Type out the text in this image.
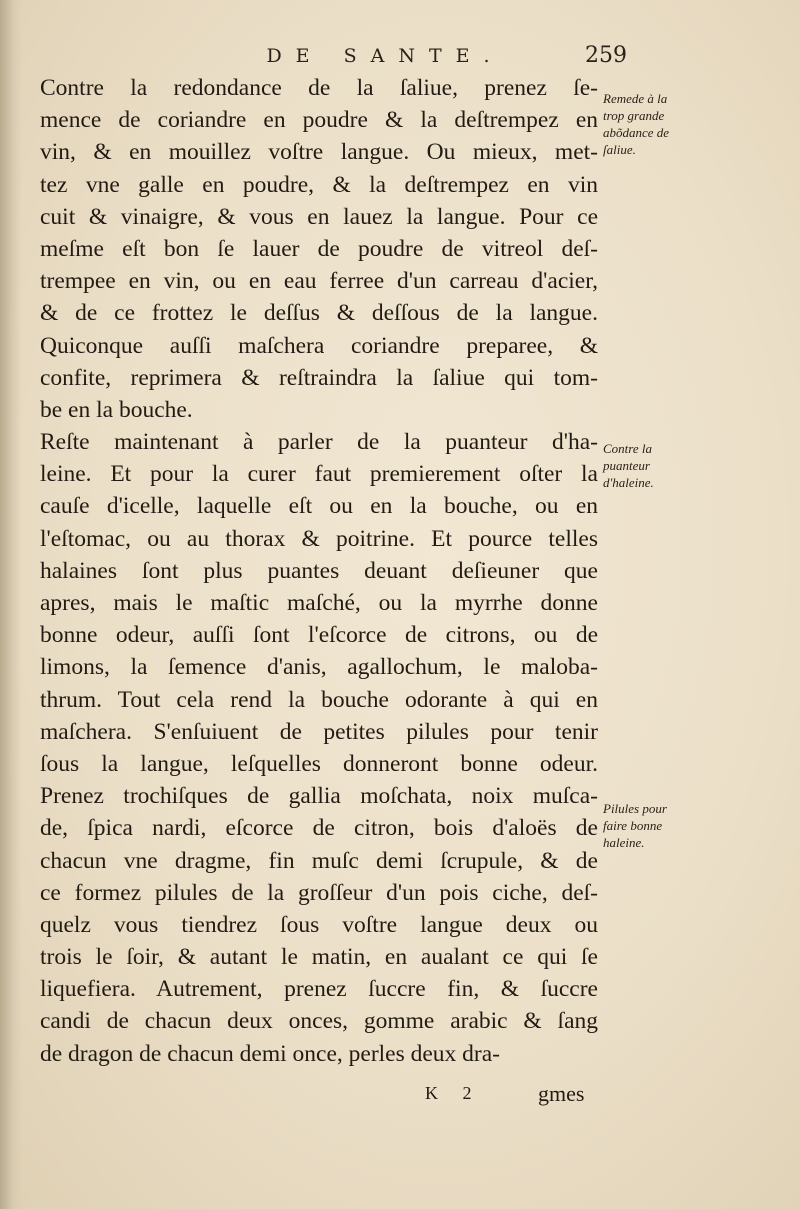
DE SANTE.	259
Contre la redondance de la ſaliue, prenez ſe-
mence de coriandre en poudre & la deſtrempez en
vin, & en mouillez voſtre langue. Ou mieux, met-
tez vne galle en poudre, & la deſtrempez en vin
cuit & vinaigre, & vous en lauez la langue. Pour ce
meſme eſt bon ſe lauer de poudre de vitreol deſ-
trempee en vin, ou en eau ferree d'un carreau d'acier,
& de ce frottez le deſſus & deſſous de la langue.
Quiconque auſſi maſchera coriandre preparee, &
confite, reprimera & reſtraindra la ſaliue qui tom-
be en la bouche.
Reſte maintenant à parler de la puanteur d'ha-
leine. Et pour la curer faut premierement oſter la
cauſe d'icelle, laquelle eſt ou en la bouche, ou en
l'eſtomac, ou au thorax & poitrine. Et pource telles
halaines ſont plus puantes deuant deſieuner que
apres, mais le maſtic maſché, ou la myrrhe donne
bonne odeur, auſſi ſont l'eſcorce de citrons, ou de
limons, la ſemence d'anis, agallochum, le maloba-
thrum. Tout cela rend la bouche odorante à qui en
maſchera. S'enſuiuent de petites pilules pour tenir
ſous la langue, leſquelles donneront bonne odeur.
Prenez trochiſques de gallia moſchata, noix muſca-
de, ſpica nardi, eſcorce de citron, bois d'aloës de
chacun vne dragme, fin muſc demi ſcrupule, & de
ce formez pilules de la groſſeur d'un pois ciche, deſ-
quelz vous tiendrez ſous voſtre langue deux ou
trois le ſoir, & autant le matin, en aualant ce qui ſe
liquefiera. Autrement, prenez ſuccre fin, & ſuccre
candi de chacun deux onces, gomme arabic & ſang
de dragon de chacun demi once, perles deux dra-
Remede à la
trop grande
abõdance de
ſaliue.
Contre la
puanteur
d'haleine.
Pilules pour
faire bonne
haleine.
K 2	gmes
